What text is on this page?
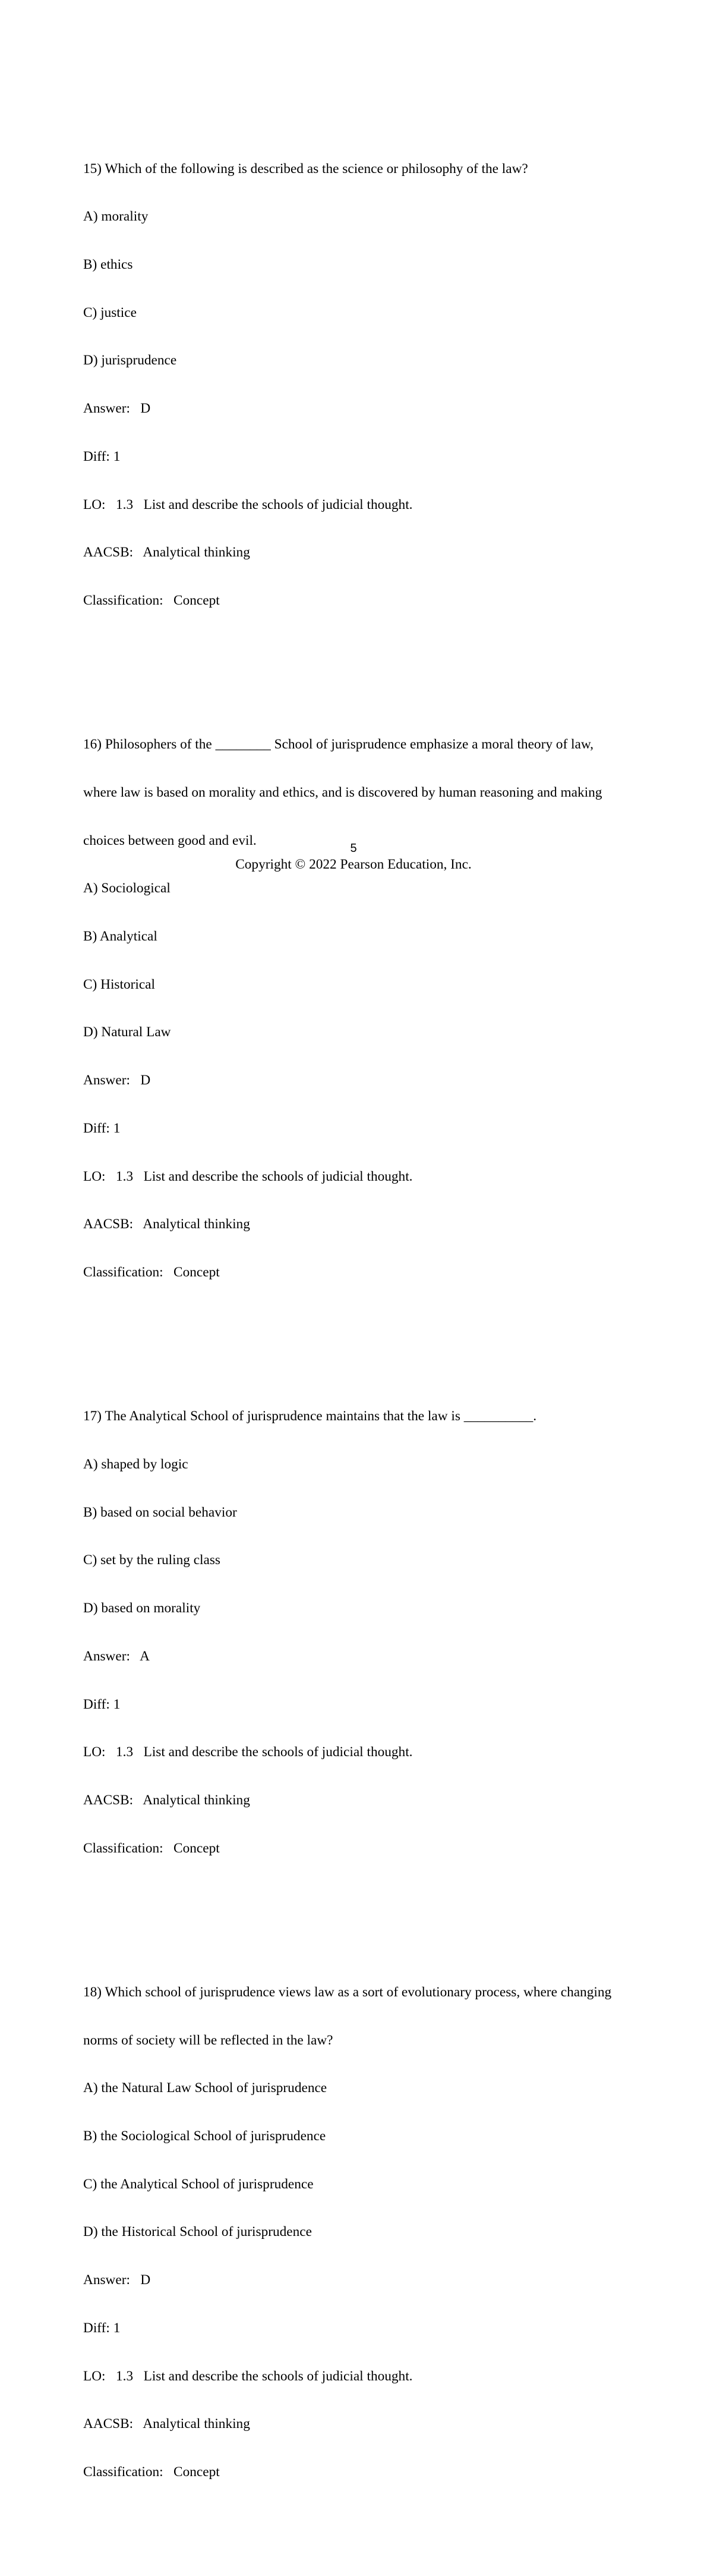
15) Which of the following is described as the science or philosophy of the law?

A) morality

B) ethics

C) justice

D) jurisprudence

Answer:   D

Diff: 1

LO:   1.3   List and describe the schools of judicial thought.

AACSB:   Analytical thinking

Classification:   Concept

16) Philosophers of the ________ School of jurisprudence emphasize a moral theory of law,

where law is based on morality and ethics, and is discovered by human reasoning and making

choices between good and evil.

A) Sociological

B) Analytical

C) Historical

D) Natural Law

Answer:   D

Diff: 1

LO:   1.3   List and describe the schools of judicial thought.

AACSB:   Analytical thinking

Classification:   Concept

17) The Analytical School of jurisprudence maintains that the law is __________.

A) shaped by logic

B) based on social behavior

C) set by the ruling class

D) based on morality

Answer:   A

Diff: 1

LO:   1.3   List and describe the schools of judicial thought.

AACSB:   Analytical thinking

Classification:   Concept

18) Which school of jurisprudence views law as a sort of evolutionary process, where changing

norms of society will be reflected in the law?

A) the Natural Law School of jurisprudence

B) the Sociological School of jurisprudence

C) the Analytical School of jurisprudence

D) the Historical School of jurisprudence

Answer:   D

Diff: 1

LO:   1.3   List and describe the schools of judicial thought.

AACSB:   Analytical thinking

Classification:   Concept

5
Copyright © 2022 Pearson Education, Inc.
